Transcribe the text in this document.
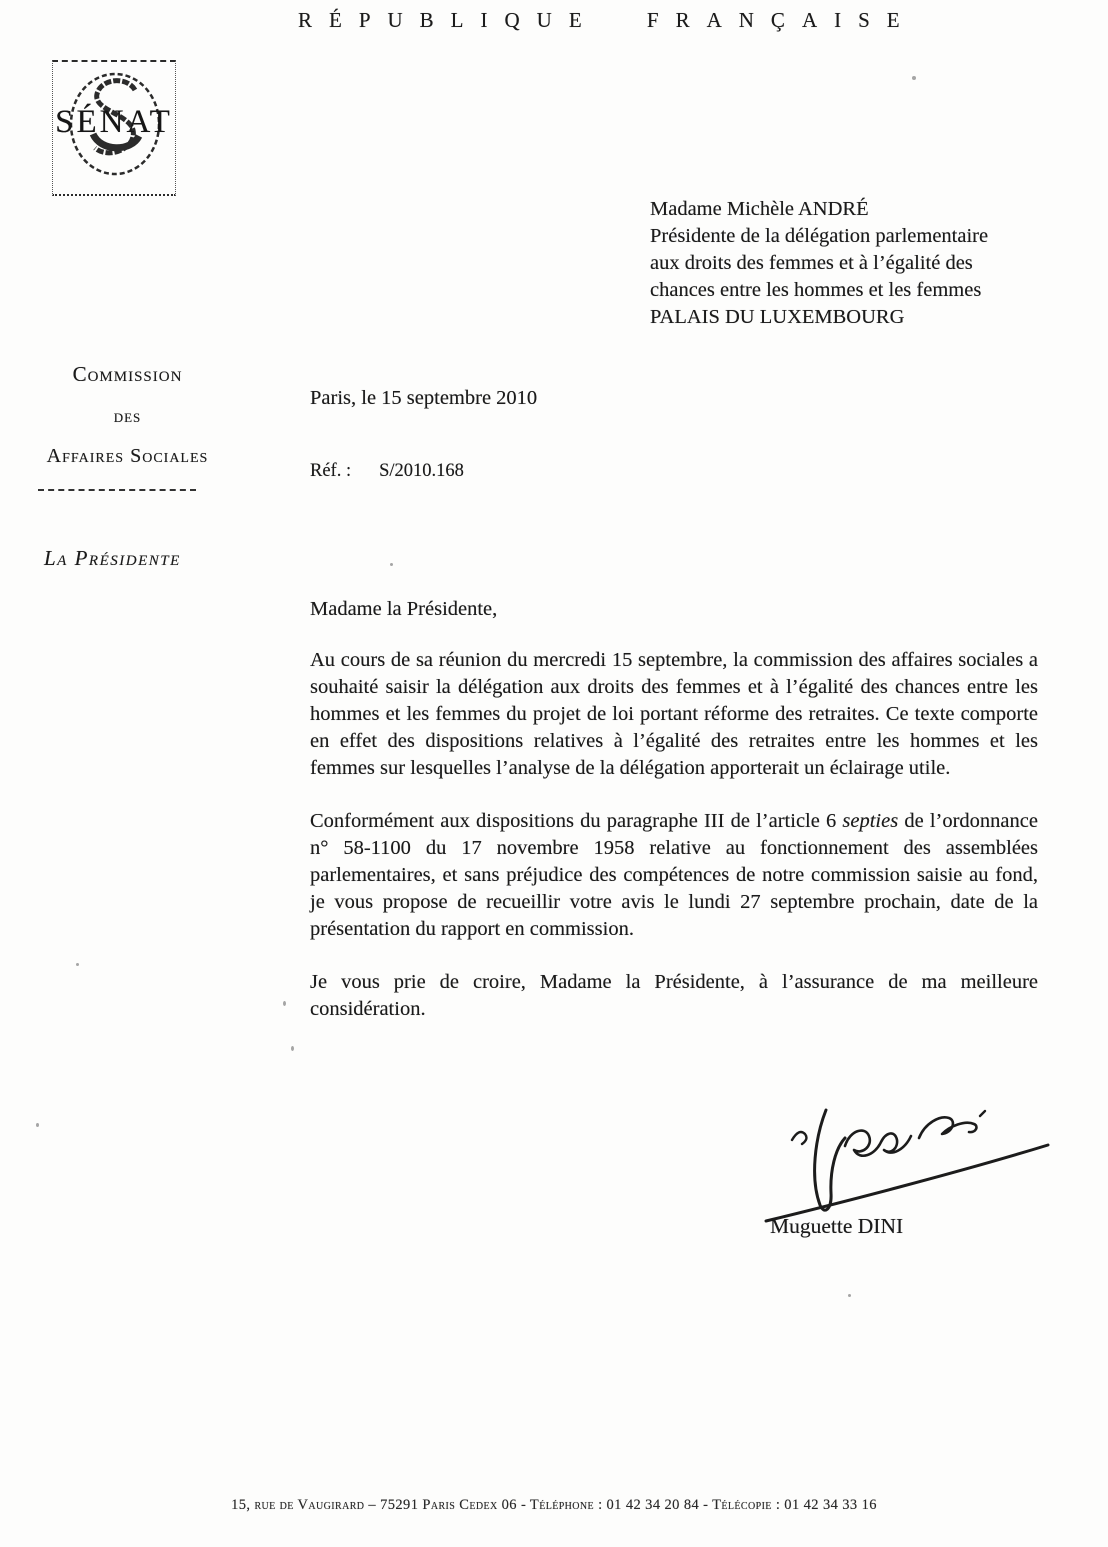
RÉPUBLIQUE FRANÇAISE
SÉNAT
Commission
des
Affaires Sociales
La Présidente
Madame Michèle ANDRÉ
Présidente de la délégation parlementaire
aux droits des femmes et à l’égalité des
chances entre les hommes et les femmes
PALAIS DU LUXEMBOURG
Paris, le 15 septembre 2010
Réf. : S/2010.168

Madame la Présidente,

Au cours de sa réunion du mercredi 15 septembre, la commission des affaires sociales a souhaité saisir la délégation aux droits des femmes et à l’égalité des chances entre les hommes et les femmes du projet de loi portant réforme des retraites. Ce texte comporte en effet des dispositions relatives à l’égalité des retraites entre les hommes et les femmes sur lesquelles l’analyse de la délégation apporterait un éclairage utile.

Conformément aux dispositions du paragraphe III de l’article 6 septies de l’ordonnance n° 58-1100 du 17 novembre 1958 relative au fonctionnement des assemblées parlementaires, et sans préjudice des compétences de notre commission saisie au fond, je vous propose de recueillir votre avis le lundi 27 septembre prochain, date de la présentation du rapport en commission.

Je vous prie de croire, Madame la Présidente, à l’assurance de ma meilleure considération.

Muguette DINI
15, rue de Vaugirard – 75291 Paris Cedex 06 - Téléphone : 01 42 34 20 84 - Télécopie : 01 42 34 33 16
